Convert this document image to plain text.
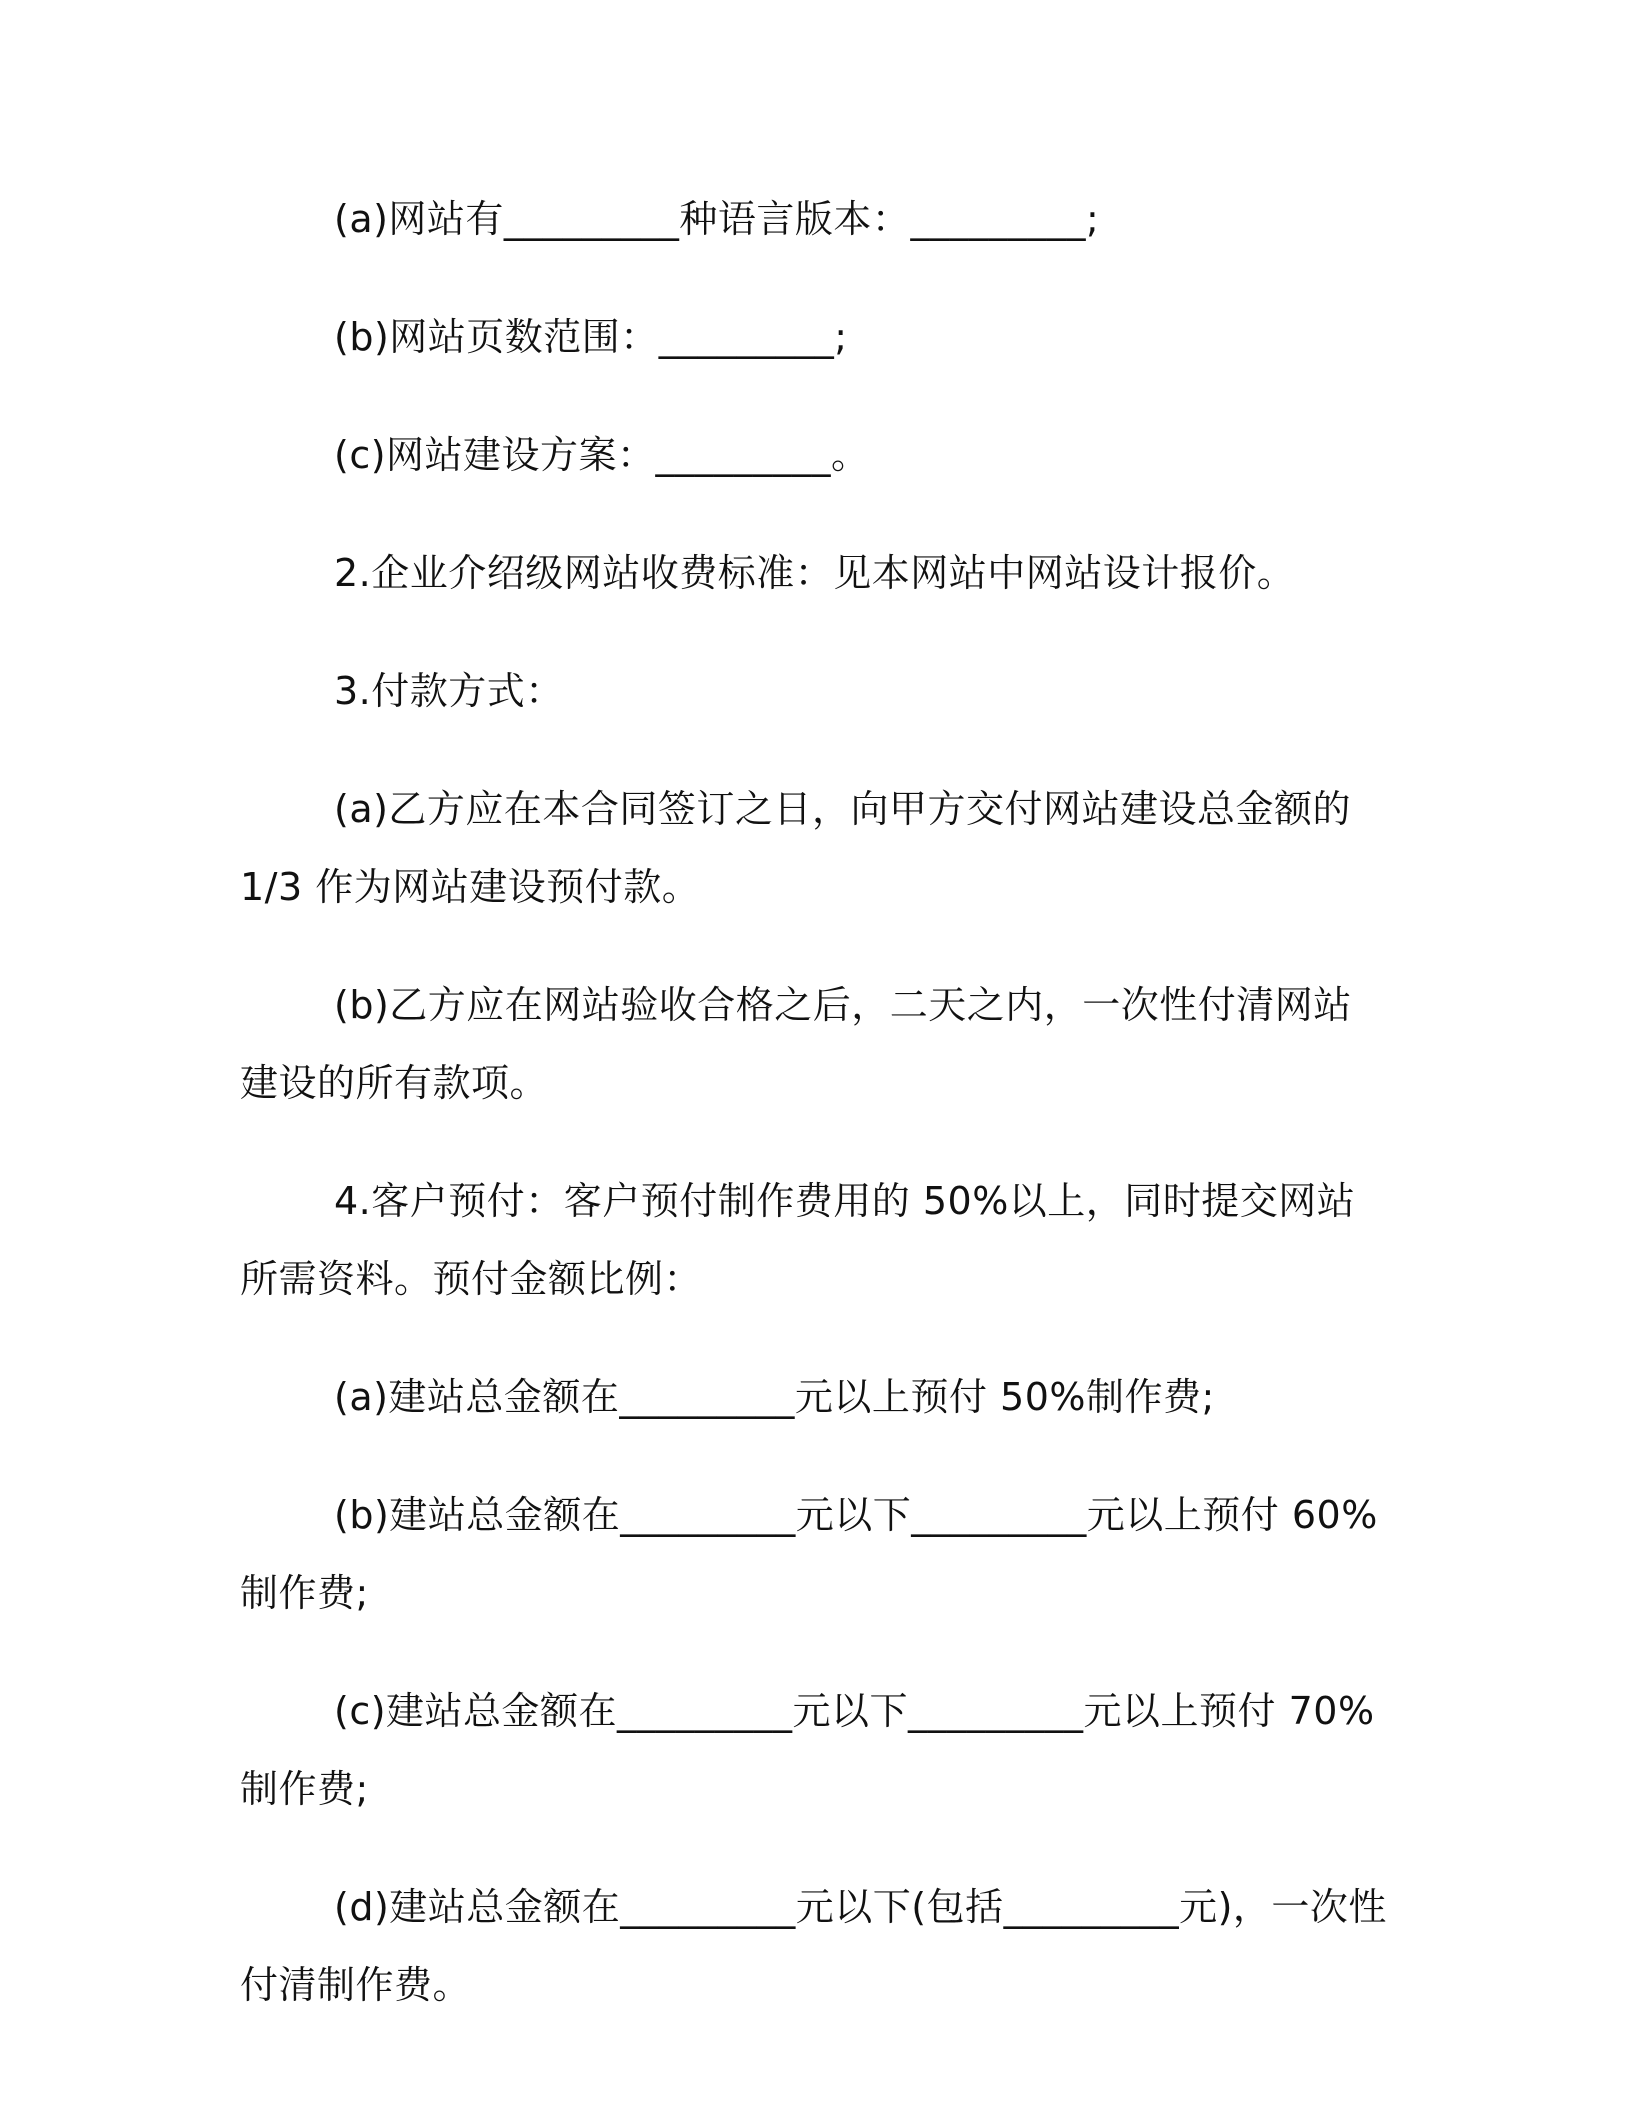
(a)网站有_________种语言版本：_________;

(b)网站页数范围：_________;

(c)网站建设方案：_________。

2.企业介绍级网站收费标准：见本网站中网站设计报价。

3.付款方式：

(a)乙方应在本合同签订之日，向甲方交付网站建设总金额的 1/3 作为网站建设预付款。

(b)乙方应在网站验收合格之后，二天之内，一次性付清网站建设的所有款项。

4.客户预付：客户预付制作费用的 50%以上，同时提交网站所需资料。预付金额比例：

(a)建站总金额在_________元以上预付 50%制作费;

(b)建站总金额在_________元以下_________元以上预付 60%制作费;

(c)建站总金额在_________元以下_________元以上预付 70%制作费;

(d)建站总金额在_________元以下(包括_________元)，一次性付清制作费。
